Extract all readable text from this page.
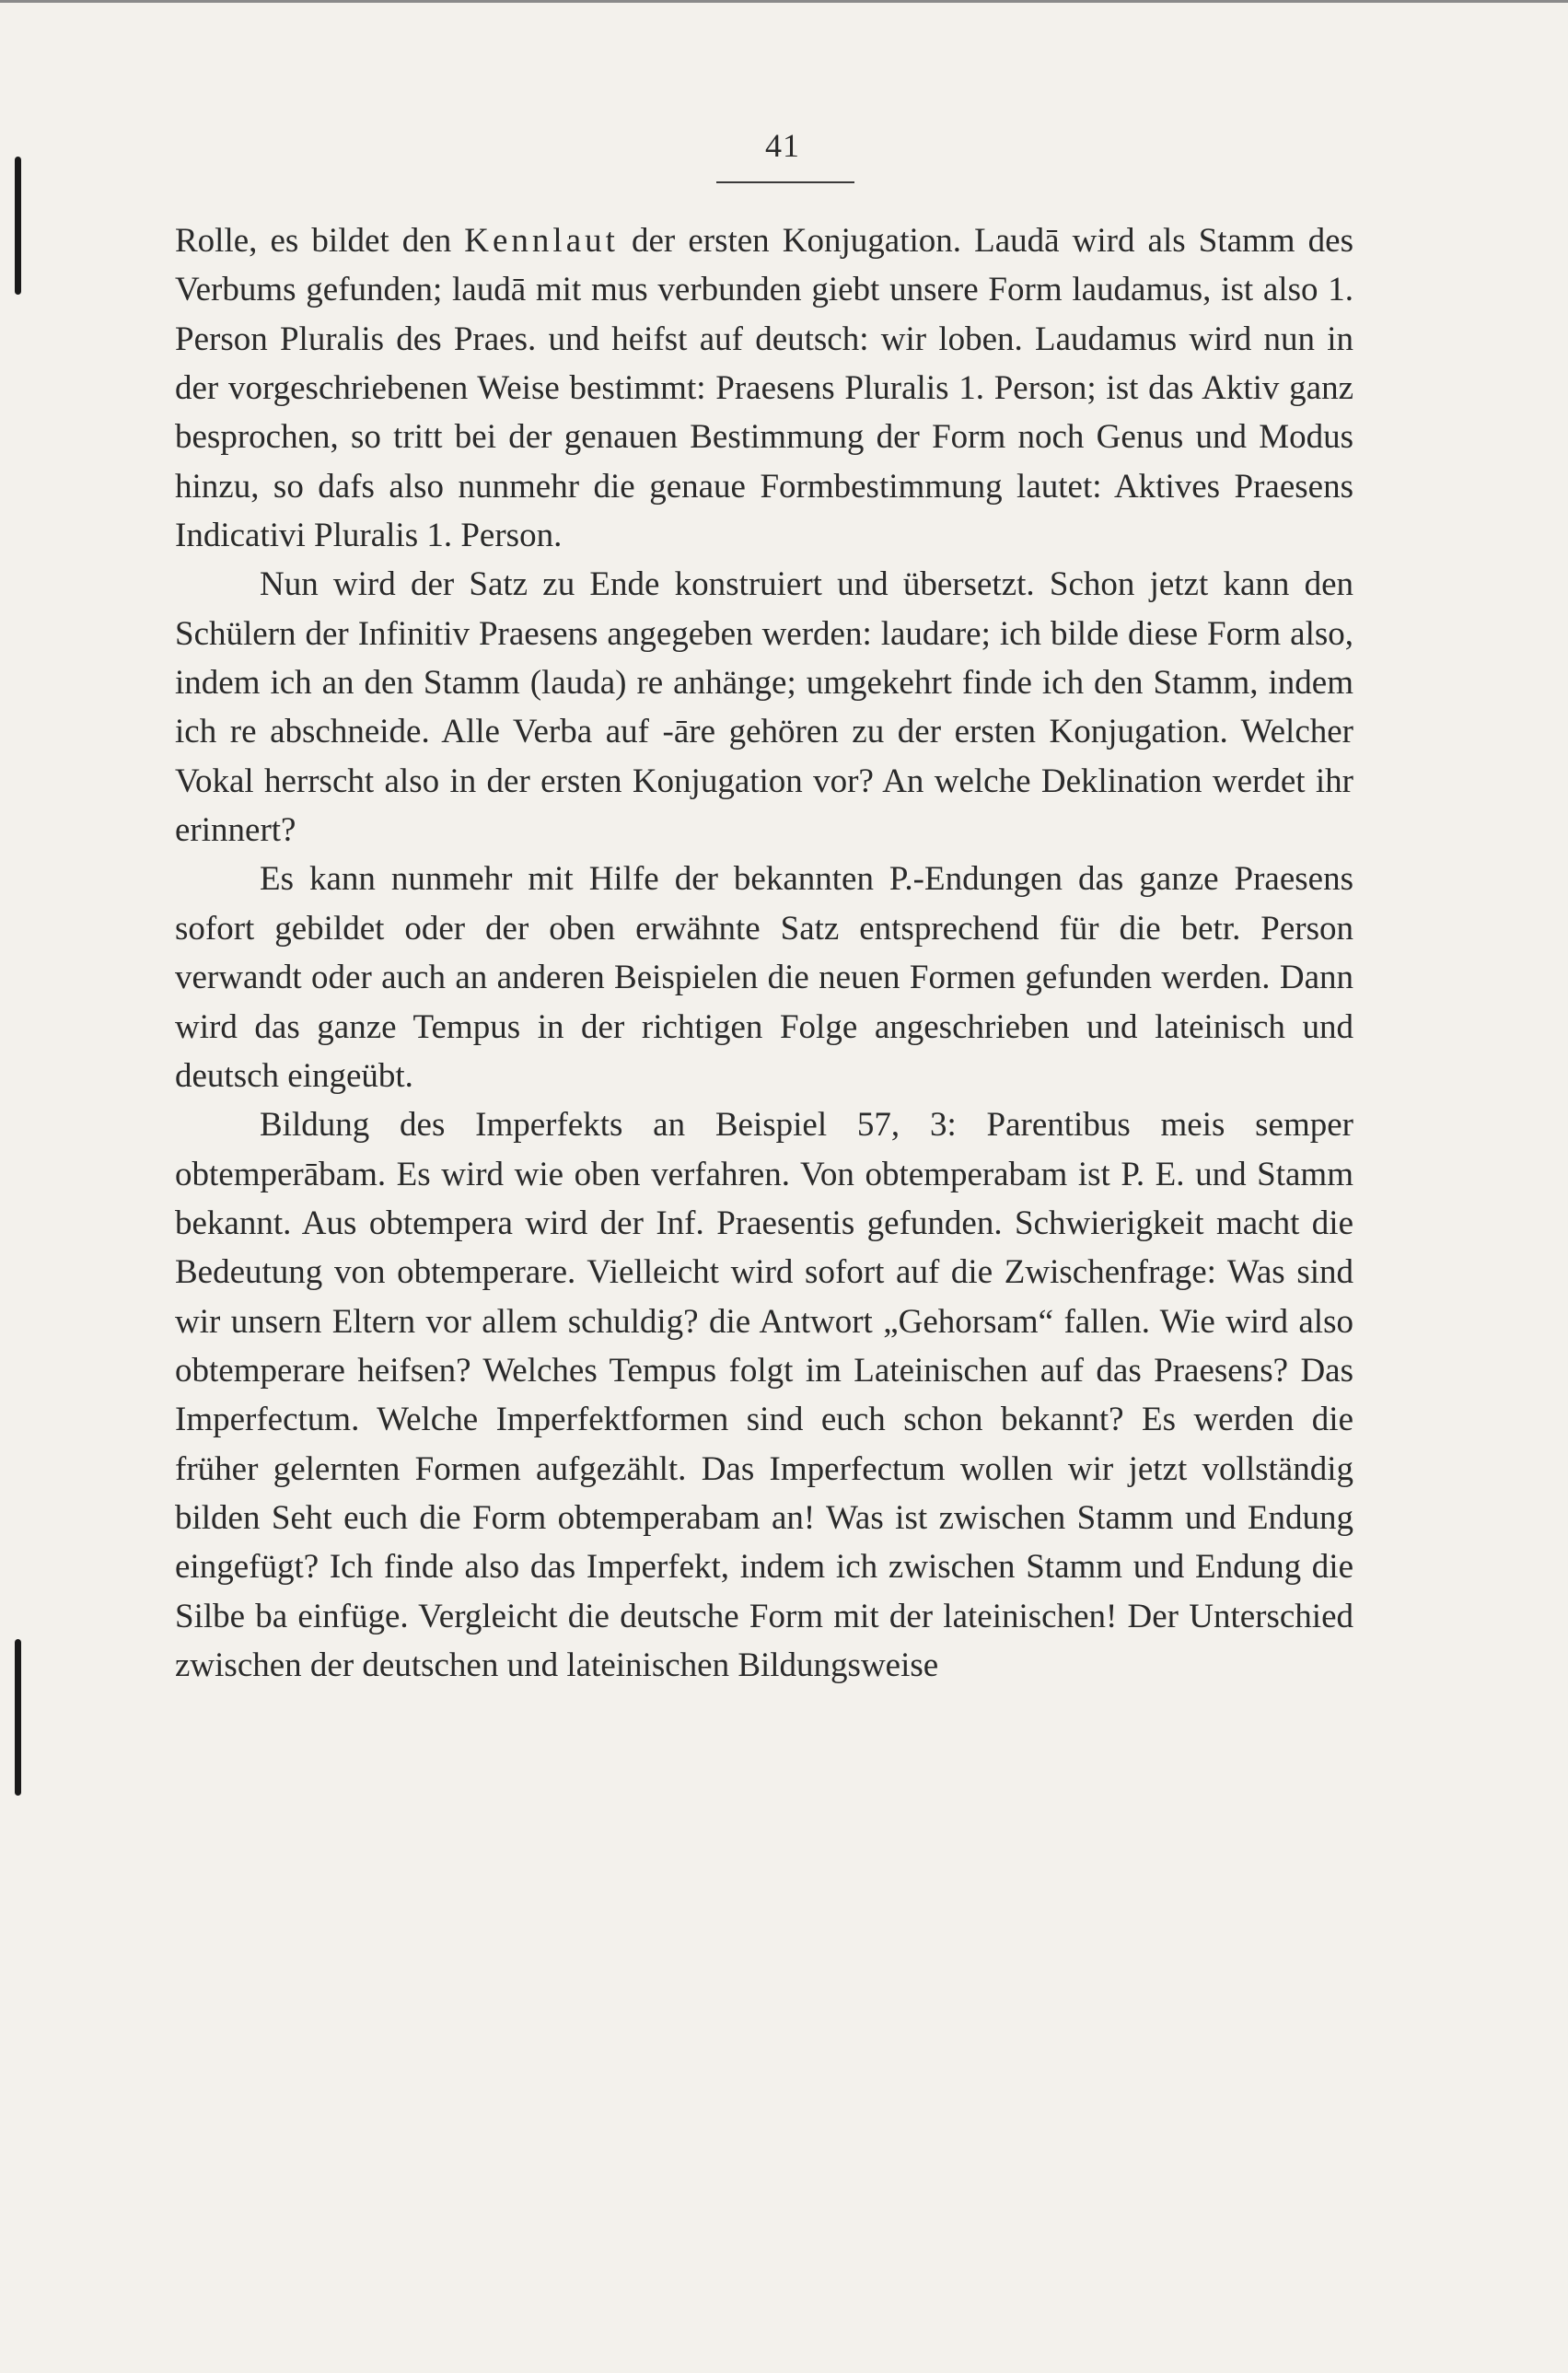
41

Rolle, es bildet den Kennlaut der ersten Konjugation. Laudā wird als Stamm des Verbums gefunden; laudā mit mus verbunden giebt unsere Form laudamus, ist also 1. Person Pluralis des Praes. und heifst auf deutsch: wir loben. Laudamus wird nun in der vorgeschriebenen Weise bestimmt: Praesens Pluralis 1. Person; ist das Aktiv ganz besprochen, so tritt bei der genauen Bestimmung der Form noch Genus und Modus hinzu, so dafs also nunmehr die genaue Formbestimmung lautet: Aktives Praesens Indicativi Pluralis 1. Person.

Nun wird der Satz zu Ende konstruiert und übersetzt. Schon jetzt kann den Schülern der Infinitiv Praesens angegeben werden: laudare; ich bilde diese Form also, indem ich an den Stamm (lauda) re anhänge; umgekehrt finde ich den Stamm, indem ich re abschneide. Alle Verba auf -āre gehören zu der ersten Konjugation. Welcher Vokal herrscht also in der ersten Konjugation vor? An welche Deklination werdet ihr erinnert?

Es kann nunmehr mit Hilfe der bekannten P.-Endungen das ganze Praesens sofort gebildet oder der oben erwähnte Satz entsprechend für die betr. Person verwandt oder auch an anderen Beispielen die neuen Formen gefunden werden. Dann wird das ganze Tempus in der richtigen Folge angeschrieben und lateinisch und deutsch eingeübt.

Bildung des Imperfekts an Beispiel 57, 3: Parentibus meis semper obtemperābam. Es wird wie oben verfahren. Von obtemperabam ist P. E. und Stamm bekannt. Aus obtempera wird der Inf. Praesentis gefunden. Schwierigkeit macht die Bedeutung von obtemperare. Vielleicht wird sofort auf die Zwischenfrage: Was sind wir unsern Eltern vor allem schuldig? die Antwort „Gehorsam“ fallen. Wie wird also obtemperare heifsen? Welches Tempus folgt im Lateinischen auf das Praesens? Das Imperfectum. Welche Imperfektformen sind euch schon bekannt? Es werden die früher gelernten Formen aufgezählt. Das Imperfectum wollen wir jetzt vollständig bilden Seht euch die Form obtemperabam an! Was ist zwischen Stamm und Endung eingefügt? Ich finde also das Imperfekt, indem ich zwischen Stamm und Endung die Silbe ba einfüge. Vergleicht die deutsche Form mit der lateinischen! Der Unterschied zwischen der deutschen und lateinischen Bildungsweise
